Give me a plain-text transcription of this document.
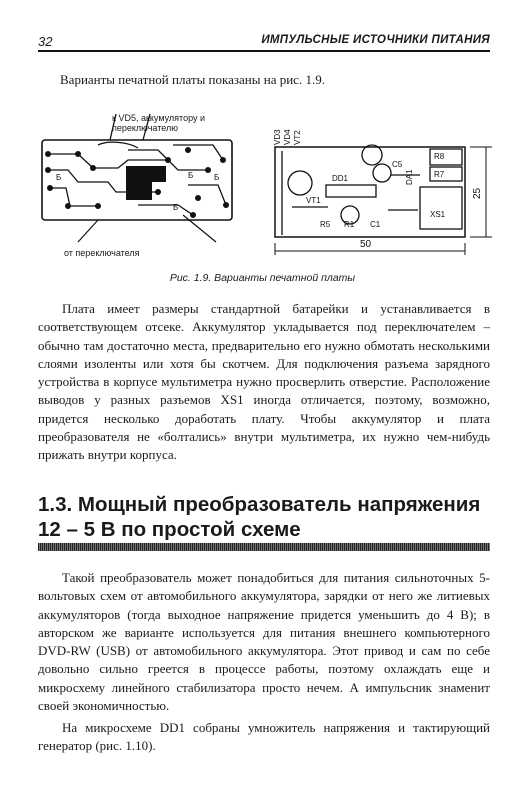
32	ИМПУЛЬСНЫЕ ИСТОЧНИКИ ПИТАНИЯ
Варианты печатной платы показаны на рис. 1.9.
к VD5, аккумулятору и переключателю
Б
Б
Б
Б
от переключателя
VD3 VD4 VT2
VT1
DD1
R1
R5
R8
R7
C1
C5
DA1
XS1
50
25
Рис. 1.9. Варианты печатной платы

Плата имеет размеры стандартной батарейки и устанавливается в соответствующем отсеке. Аккумулятор укладывается под переключателем – обычно там достаточно места, предварительно его нужно обмотать несколькими слоями изоленты или хотя бы скотчем. Для подключения разъема зарядного устройства в корпусе мультиметра нужно просверлить отверстие. Расположение выводов у разных разъемов XS1 иногда отличается, поэтому, возможно, придется несколько доработать плату. Чтобы аккумулятор и плата преобразователя не «болтались» внутри мультиметра, их нужно чем-нибудь прижать внутри корпуса.

1.3. Мощный преобразователь напряжения 12 – 5 В по простой схеме

Такой преобразователь может понадобиться для питания сильноточных 5-вольтовых схем от автомобильного аккумулятора, зарядки от него же литиевых аккумуляторов (тогда выходное напряжение придется уменьшить до 4 В); в авторском же варианте используется для питания внешнего компьютерного DVD-RW (USB) от автомобильного аккумулятора. Этот привод и сам по себе довольно сильно греется в процессе работы, поэтому охлаждать еще и микросхему линейного стабилизатора просто нечем. А импульсник знаменит своей экономичностью.

На микросхеме DD1 собраны умножитель напряжения и тактирующий генератор (рис. 1.10).
